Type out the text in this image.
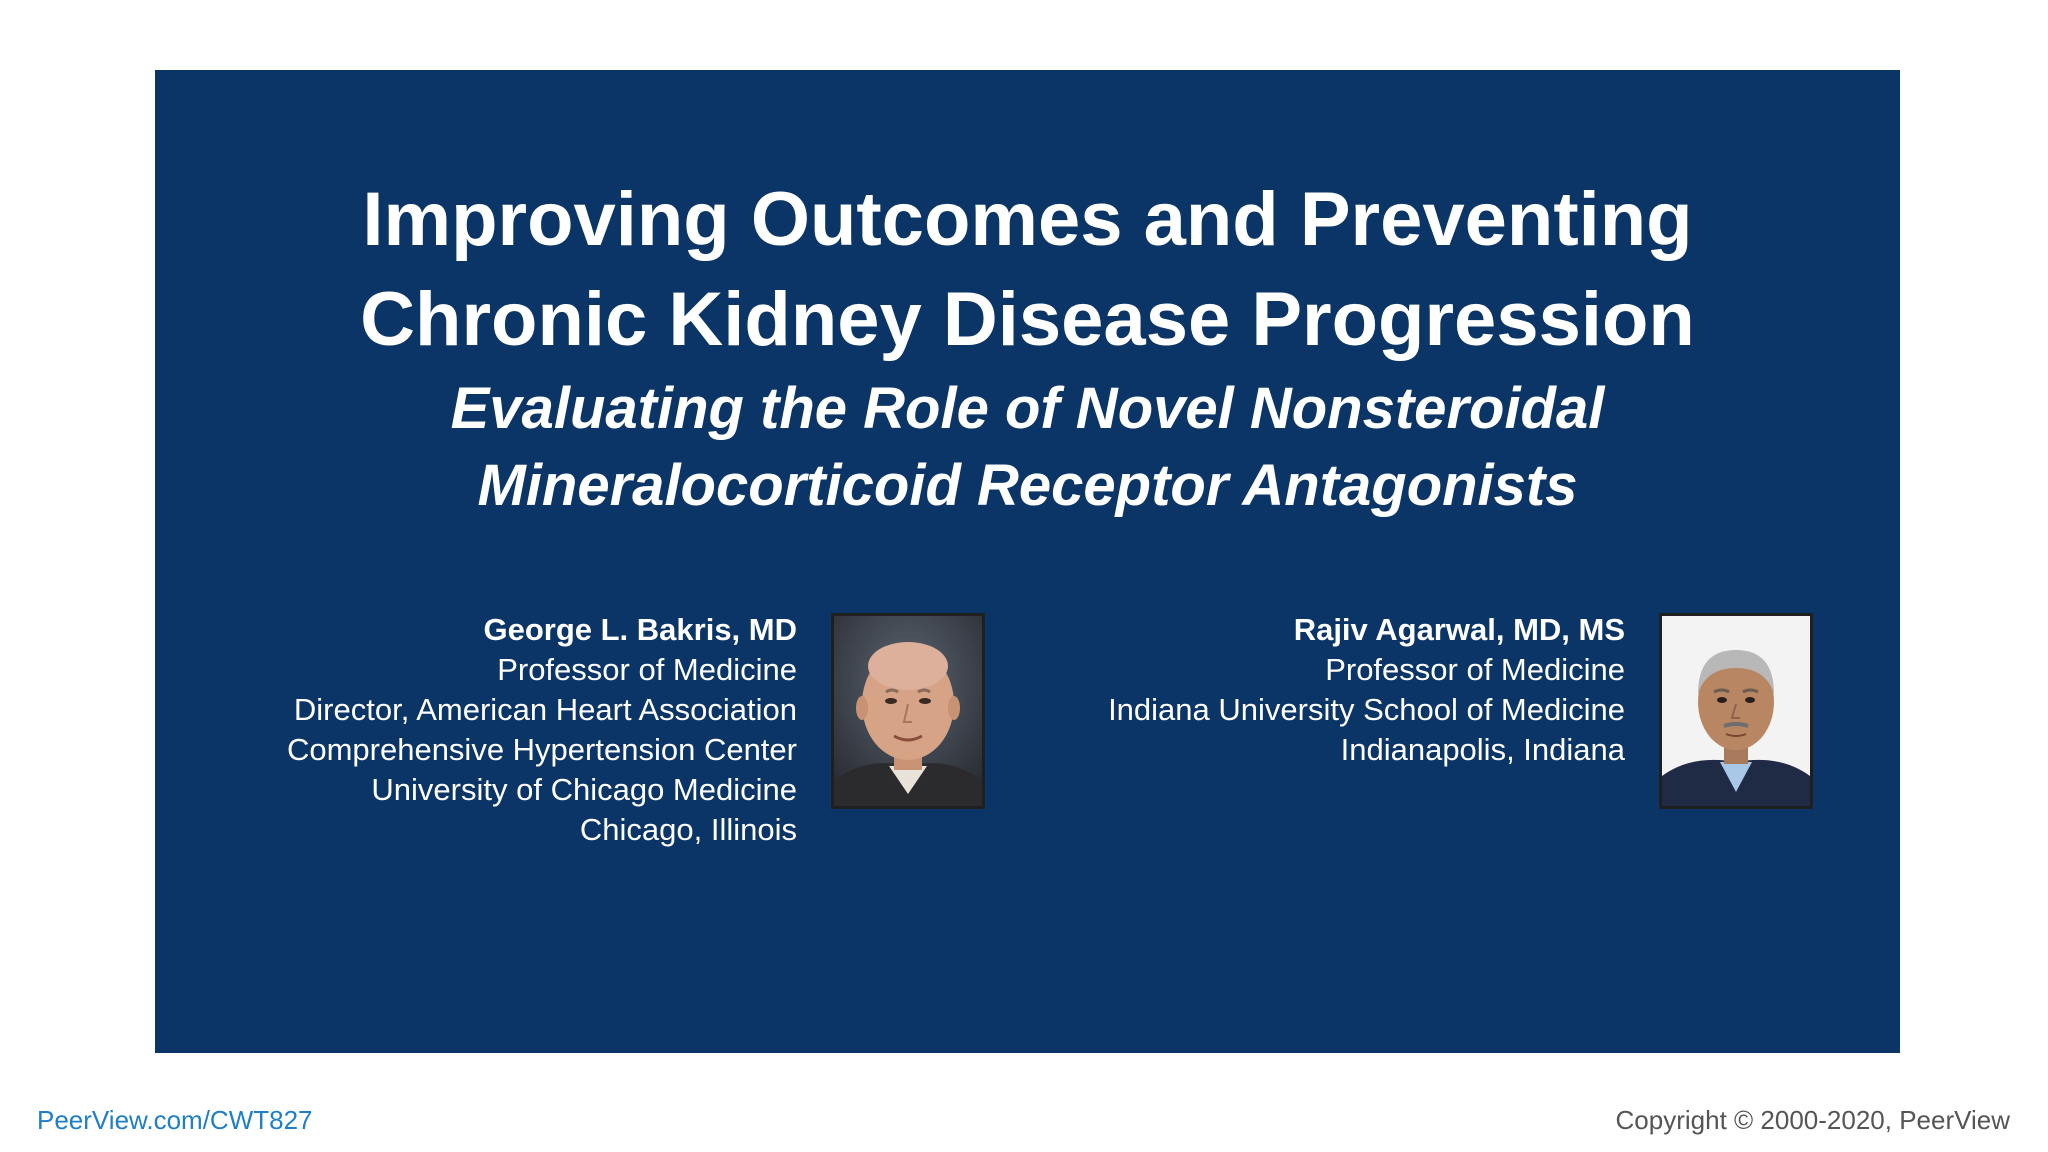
Improving Outcomes and Preventing
Chronic Kidney Disease Progression
Evaluating the Role of Novel Nonsteroidal
Mineralocorticoid Receptor Antagonists
George L. Bakris, MD
Professor of Medicine
Director, American Heart Association
Comprehensive Hypertension Center
University of Chicago Medicine
Chicago, Illinois
Rajiv Agarwal, MD, MS
Professor of Medicine
Indiana University School of Medicine
Indianapolis, Indiana
PeerView.com/CWT827	Copyright © 2000-2020, PeerView
